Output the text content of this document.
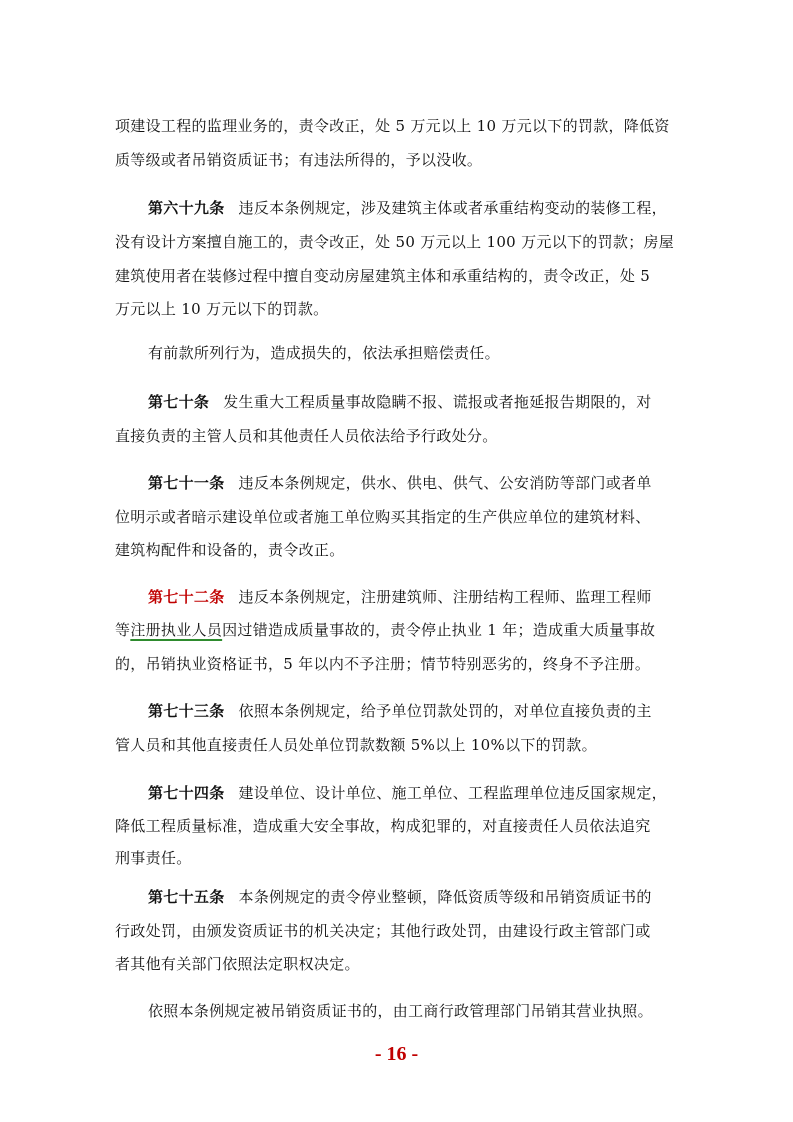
项建设工程的监理业务的，责令改正，处 5 万元以上 10 万元以下的罚款，降低资
质等级或者吊销资质证书；有违法所得的，予以没收。
第六十九条 违反本条例规定，涉及建筑主体或者承重结构变动的装修工程，
没有设计方案擅自施工的，责令改正，处 50 万元以上 100 万元以下的罚款；房屋
建筑使用者在装修过程中擅自变动房屋建筑主体和承重结构的，责令改正，处 5
万元以上 10 万元以下的罚款。
有前款所列行为，造成损失的，依法承担赔偿责任。
第七十条 发生重大工程质量事故隐瞒不报、谎报或者拖延报告期限的，对
直接负责的主管人员和其他责任人员依法给予行政处分。
第七十一条 违反本条例规定，供水、供电、供气、公安消防等部门或者单
位明示或者暗示建设单位或者施工单位购买其指定的生产供应单位的建筑材料、
建筑构配件和设备的，责令改正。
第七十二条 违反本条例规定，注册建筑师、注册结构工程师、监理工程师
等注册执业人员因过错造成质量事故的，责令停止执业 1 年；造成重大质量事故
的，吊销执业资格证书，5 年以内不予注册；情节特别恶劣的，终身不予注册。
第七十三条 依照本条例规定，给予单位罚款处罚的，对单位直接负责的主
管人员和其他直接责任人员处单位罚款数额 5%以上 10%以下的罚款。
第七十四条 建设单位、设计单位、施工单位、工程监理单位违反国家规定，
降低工程质量标准，造成重大安全事故，构成犯罪的，对直接责任人员依法追究
刑事责任。
第七十五条 本条例规定的责令停业整顿，降低资质等级和吊销资质证书的
行政处罚，由颁发资质证书的机关决定；其他行政处罚，由建设行政主管部门或
者其他有关部门依照法定职权决定。
依照本条例规定被吊销资质证书的，由工商行政管理部门吊销其营业执照。
- 16 -
